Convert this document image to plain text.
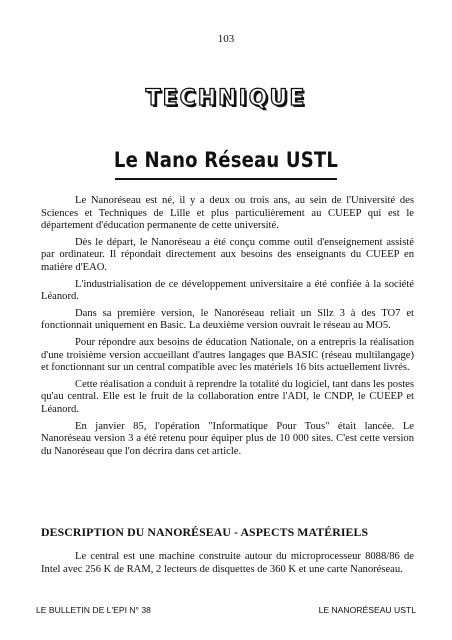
103
TECHNIQUE
Le Nano Réseau USTL

Le Nanoréseau est né, il y a deux ou trois ans, au sein de l'Université des Sciences et Techniques de Lille et plus particulièrement au CUEEP qui est le département d'éducation permanente de cette université.

Dès le départ, le Nanoréseau a été conçu comme outil d'enseignement assisté par ordinateur. Il répondait directement aux besoins des enseignants du CUEEP en matière d'EAO.

L'industrialisation de ce développement universitaire a été confiée à la société Léanord.

Dans sa première version, le Nanoréseau reliait un Sllz 3 à des TO7 et fonctionnait uniquement en Basic. La deuxième version ouvrait le réseau au MO5.

Pour répondre aux besoins de éducation Nationale, on a entrepris la réalisation d'une troisième version accueillant d'autres langages que BASIC (réseau multilangage) et fonctionnant sur un central compatible avec les matériels 16 bits actuellement livrés.

Cette réalisation a conduit à reprendre la totalité du logiciel, tant dans les postes qu'au central. Elle est le fruit de la collaboration entre l'ADI, le CNDP, le CUEEP et Léanord.

En janvier 85, l'opération "Informatique Pour Tous" était lancée. Le Nanoréseau version 3 a été retenu pour équiper plus de 10 000 sites. C'est cette version du Nanoréseau que l'on décrira dans cet article.

DESCRIPTION DU NANORÉSEAU - ASPECTS MATÉRIELS

Le central est une machine construite autour du microprocesseur 8088/86 de Intel avec 256 K de RAM, 2 lecteurs de disquettes de 360 K et une carte Nanoréseau.

LE BULLETIN DE L'EPI N° 38	LE NANORÉSEAU USTL
